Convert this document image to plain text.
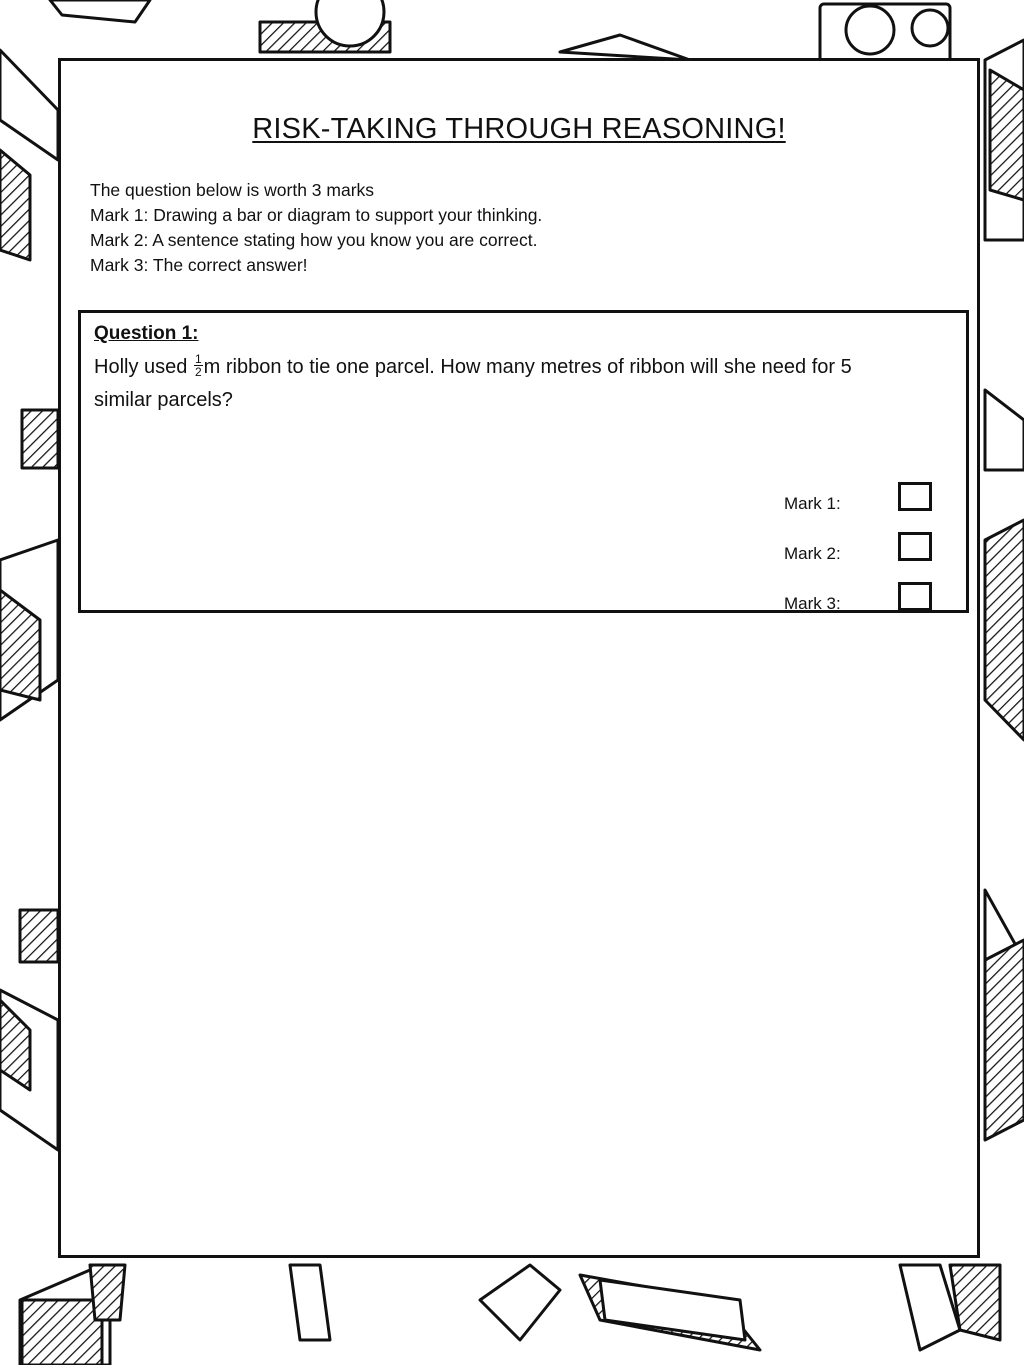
RISK-TAKING THROUGH REASONING!
The question below is worth 3 marks
Mark 1: Drawing a bar or diagram to support your thinking.
Mark 2: A sentence stating how you know you are correct.
Mark 3: The correct answer!
Question 1:
Holly used $\frac{1}{2}$ m ribbon to tie one parcel. How many metres of ribbon will she need for 5 similar parcels?
Mark 1:
Mark 2:
Mark 3:
